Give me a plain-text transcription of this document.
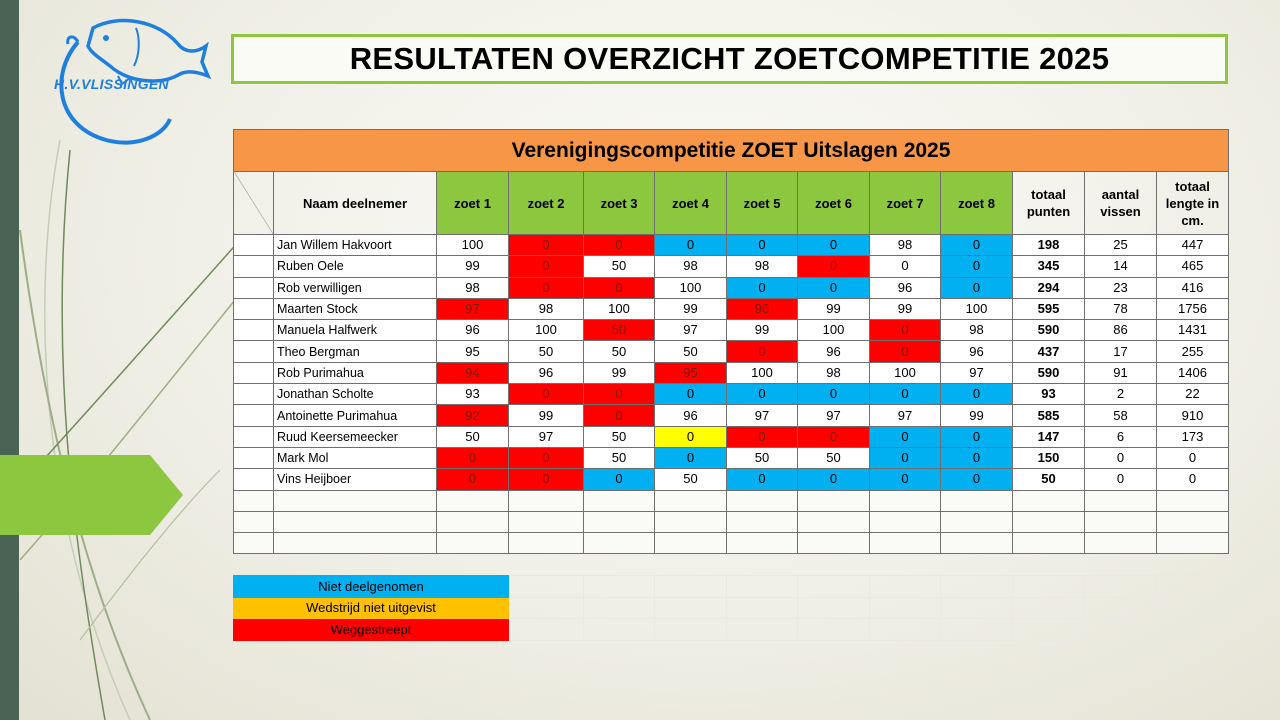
H.V.VLISSINGEN
RESULTATEN OVERZICHT ZOETCOMPETITIE 2025
Verenigingscompetitie ZOET Uitslagen 2025												
	Naam deelnemer	zoet 1	zoet 2	zoet 3	zoet 4	zoet 5	zoet 6	zoet 7	zoet 8	totaal punten	aantal vissen	totaal lengte in cm.
	Jan Willem Hakvoort	100	0	0	0	0	0	98	0	198	25	447
	Ruben Oele	99	0	50	98	98	0	0	0	345	14	465
	Rob verwilligen	98	0	0	100	0	0	96	0	294	23	416
	Maarten Stock	97	98	100	99	96	99	99	100	595	78	1756
	Manuela Halfwerk	96	100	50	97	99	100	0	98	590	86	1431
	Theo Bergman	95	50	50	50	0	96	0	96	437	17	255
	Rob Purimahua	94	96	99	95	100	98	100	97	590	91	1406
	Jonathan Scholte	93	0	0	0	0	0	0	0	93	2	22
	Antoinette Purimahua	92	99	0	96	97	97	97	99	585	58	910
	Ruud Keersemeecker	50	97	50	0	0	0	0	0	147	6	173
	Mark Mol	0	0	50	0	50	50	0	0	150	0	0
	Vins Heijboer	0	0	0	50	0	0	0	0	50	0	0

Niet deelgenomen										
Wedstrijd niet uitgevist										
Weggestreept										
